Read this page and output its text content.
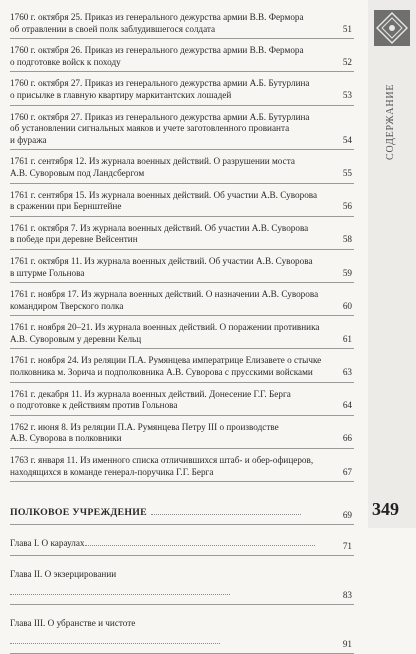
СОДЕРЖАНИЕ
349
1760 г. октября 25. Приказ из генерального дежурства армии В.В. Фермора
об отравлении в своей полк заблудившегося солдата	51
1760 г. октября 26. Приказ из генерального дежурства армии В.В. Фермора
о подготовке войск к походу	52
1760 г. октября 27. Приказ из генерального дежурства армии А.Б. Бутурлина
о присылке в главную квартиру маркитантских лошадей	53
1760 г. октября 27. Приказ из генерального дежурства армии А.Б. Бутурлина
об установлении сигнальных маяков и учете заготовленного провианта
и фуража	54
1761 г. сентября 12. Из журнала военных действий. О разрушении моста
А.В. Суворовым под Ландсбергом	55
1761 г. сентября 15. Из журнала военных действий. Об участии А.В. Суворова
в сражении при Бернштейне	56
1761 г. октября 7. Из журнала военных действий. Об участии А.В. Суворова
в победе при деревне Вейсентин	58
1761 г. октября 11. Из журнала военных действий. Об участии А.В. Суворова
в штурме Гольнова	59
1761 г. ноября 17. Из журнала военных действий. О назначении А.В. Суворова
командиром Тверского полка	60
1761 г. ноября 20–21. Из журнала военных действий. О поражении противника
А.В. Суворовым у деревни Кельц	61
1761 г. ноября 24. Из реляции П.А. Румянцева императрице Елизавете о стычке
полковника м. Зорича и подполковника А.В. Суворова с прусскими войсками	63
1761 г. декабря 11. Из журнала военных действий. Донесение Г.Г. Берга
о подготовке к действиям против Гольнова	64
1762 г. июня 8. Из реляции П.А. Румянцева Петру III о производстве
А.В. Суворова в полковники	66
1763 г. января 11. Из именного списка отличившихся штаб- и обер-офицеров,
находящихся в команде генерал-поручика Г.Г. Берга	67
ПОЛКОВОЕ УЧРЕЖДЕНИЕ	69
Глава I. О караулах	71
Глава II. О экзерцировании
83
Глава III. О убранстве и чистоте
91
